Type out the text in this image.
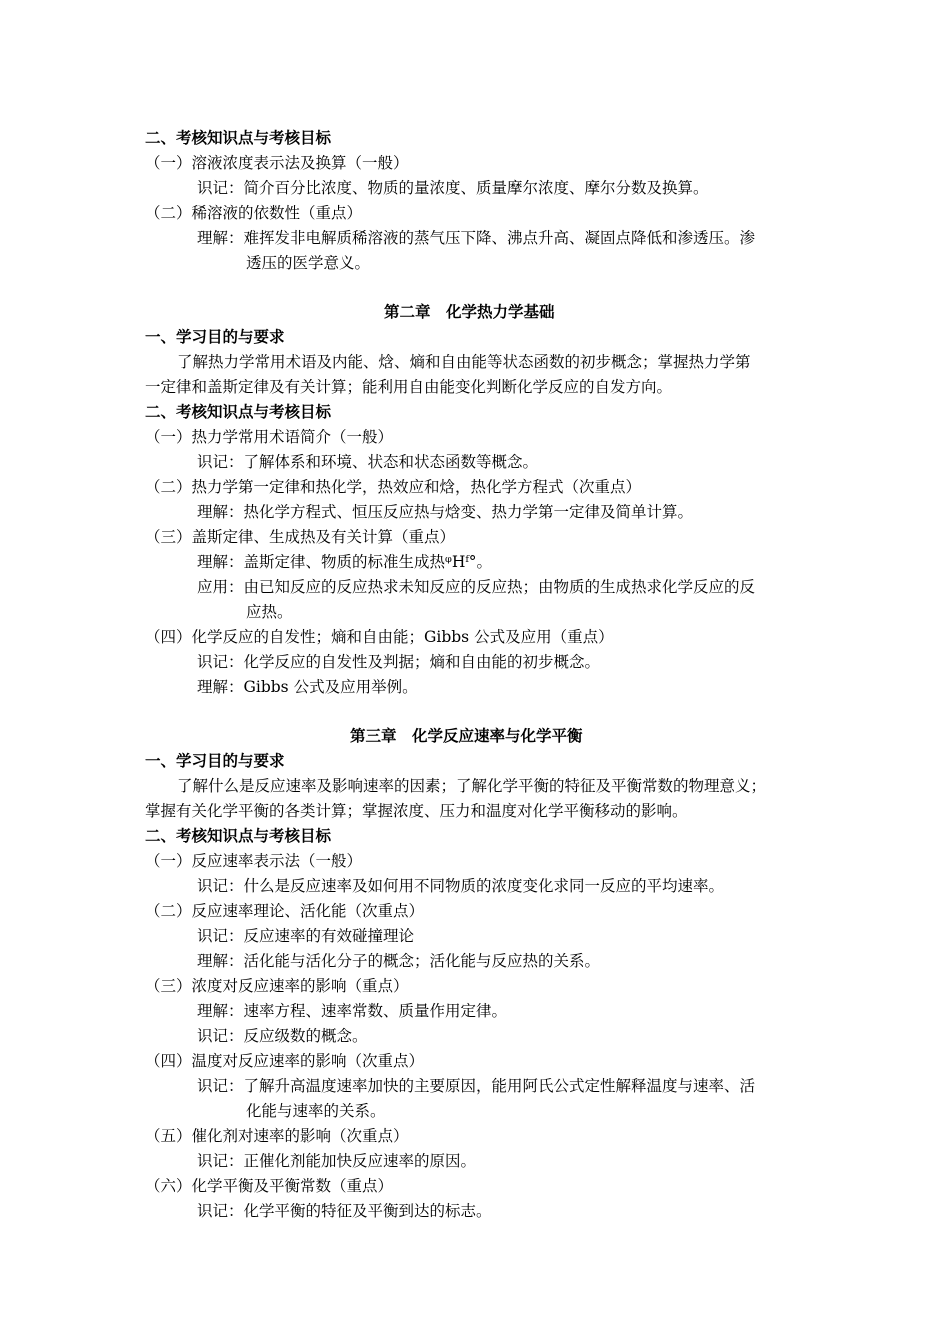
二、考核知识点与考核目标
（一）溶液浓度表示法及换算（一般）
识记：简介百分比浓度、物质的量浓度、质量摩尔浓度、摩尔分数及换算。
（二）稀溶液的依数性（重点）
理解：难挥发非电解质稀溶液的蒸气压下降、沸点升高、凝固点降低和渗透压。渗
透压的医学意义。
第二章　化学热力学基础
一、学习目的与要求
了解热力学常用术语及内能、焓、熵和自由能等状态函数的初步概念；掌握热力学第
一定律和盖斯定律及有关计算；能利用自由能变化判断化学反应的自发方向。
二、考核知识点与考核目标
（一）热力学常用术语简介（一般）
识记：了解体系和环境、状态和状态函数等概念。
（二）热力学第一定律和热化学，热效应和焓，热化学方程式（次重点）
理解：热化学方程式、恒压反应热与焓变、热力学第一定律及简单计算。
（三）盖斯定律、生成热及有关计算（重点）
理解：盖斯定律、物质的标准生成热ᵠHᶠ°。
应用：由已知反应的反应热求未知反应的反应热；由物质的生成热求化学反应的反
应热。
（四）化学反应的自发性；熵和自由能；Gibbs 公式及应用（重点）
识记：化学反应的自发性及判据；熵和自由能的初步概念。
理解：Gibbs 公式及应用举例。
第三章　化学反应速率与化学平衡
一、学习目的与要求
了解什么是反应速率及影响速率的因素；了解化学平衡的特征及平衡常数的物理意义；
掌握有关化学平衡的各类计算；掌握浓度、压力和温度对化学平衡移动的影响。
二、考核知识点与考核目标
（一）反应速率表示法（一般）
识记：什么是反应速率及如何用不同物质的浓度变化求同一反应的平均速率。
（二）反应速率理论、活化能（次重点）
识记：反应速率的有效碰撞理论
理解：活化能与活化分子的概念；活化能与反应热的关系。
（三）浓度对反应速率的影响（重点）
理解：速率方程、速率常数、质量作用定律。
识记：反应级数的概念。
（四）温度对反应速率的影响（次重点）
识记：了解升高温度速率加快的主要原因，能用阿氏公式定性解释温度与速率、活
化能与速率的关系。
（五）催化剂对速率的影响（次重点）
识记：正催化剂能加快反应速率的原因。
（六）化学平衡及平衡常数（重点）
识记：化学平衡的特征及平衡到达的标志。
